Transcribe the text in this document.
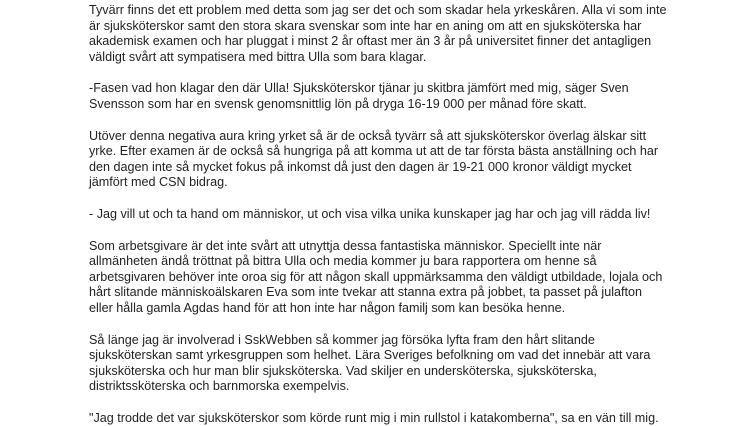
Tyvärr finns det ett problem med detta som jag ser det och som skadar hela yrkeskåren. Alla vi som inte är sjuksköterskor samt den stora skara svenskar som inte har en aning om att en sjuksköterska har akademisk examen och har pluggat i minst 2 år oftast mer än 3 år på universitet finner det antagligen väldigt svårt att sympatisera med bittra Ulla som bara klagar.

-Fasen vad hon klagar den där Ulla! Sjuksköterskor tjänar ju skitbra jämfört med mig, säger Sven Svensson som har en svensk genomsnittlig lön på dryga 16-19 000 per månad före skatt.

Utöver denna negativa aura kring yrket så är de också tyvärr så att sjuksköterskor överlag älskar sitt yrke. Efter examen är de också så hungriga på att komma ut att de tar första bästa anställning och har den dagen inte så mycket fokus på inkomst då just den dagen är 19-21 000 kronor väldigt mycket jämfört med CSN bidrag.

- Jag vill ut och ta hand om människor, ut och visa vilka unika kunskaper jag har och jag vill rädda liv!

Som arbetsgivare är det inte svårt att utnyttja dessa fantastiska människor. Speciellt inte när allmänheten ändå tröttnat på bittra Ulla och media kommer ju bara rapportera om henne så arbetsgivaren behöver inte oroa sig för att någon skall uppmärksamma den väldigt utbildade, lojala och hårt slitande människoälskaren Eva som inte tvekar att stanna extra på jobbet, ta passet på julafton eller hålla gamla Agdas hand för att hon inte har någon familj som kan besöka henne.

Så länge jag är involverad i SskWebben så kommer jag försöka lyfta fram den hårt slitande sjuksköterskan samt yrkesgruppen som helhet. Lära Sveriges befolkning om vad det innebär att vara sjuksköterska och hur man blir sjuksköterska. Vad skiljer en undersköterska, sjuksköterska, distriktssköterska och barnmorska exempelvis.

"Jag trodde det var sjuksköterskor som körde runt mig i min rullstol i katakomberna", sa en vän till mig.
